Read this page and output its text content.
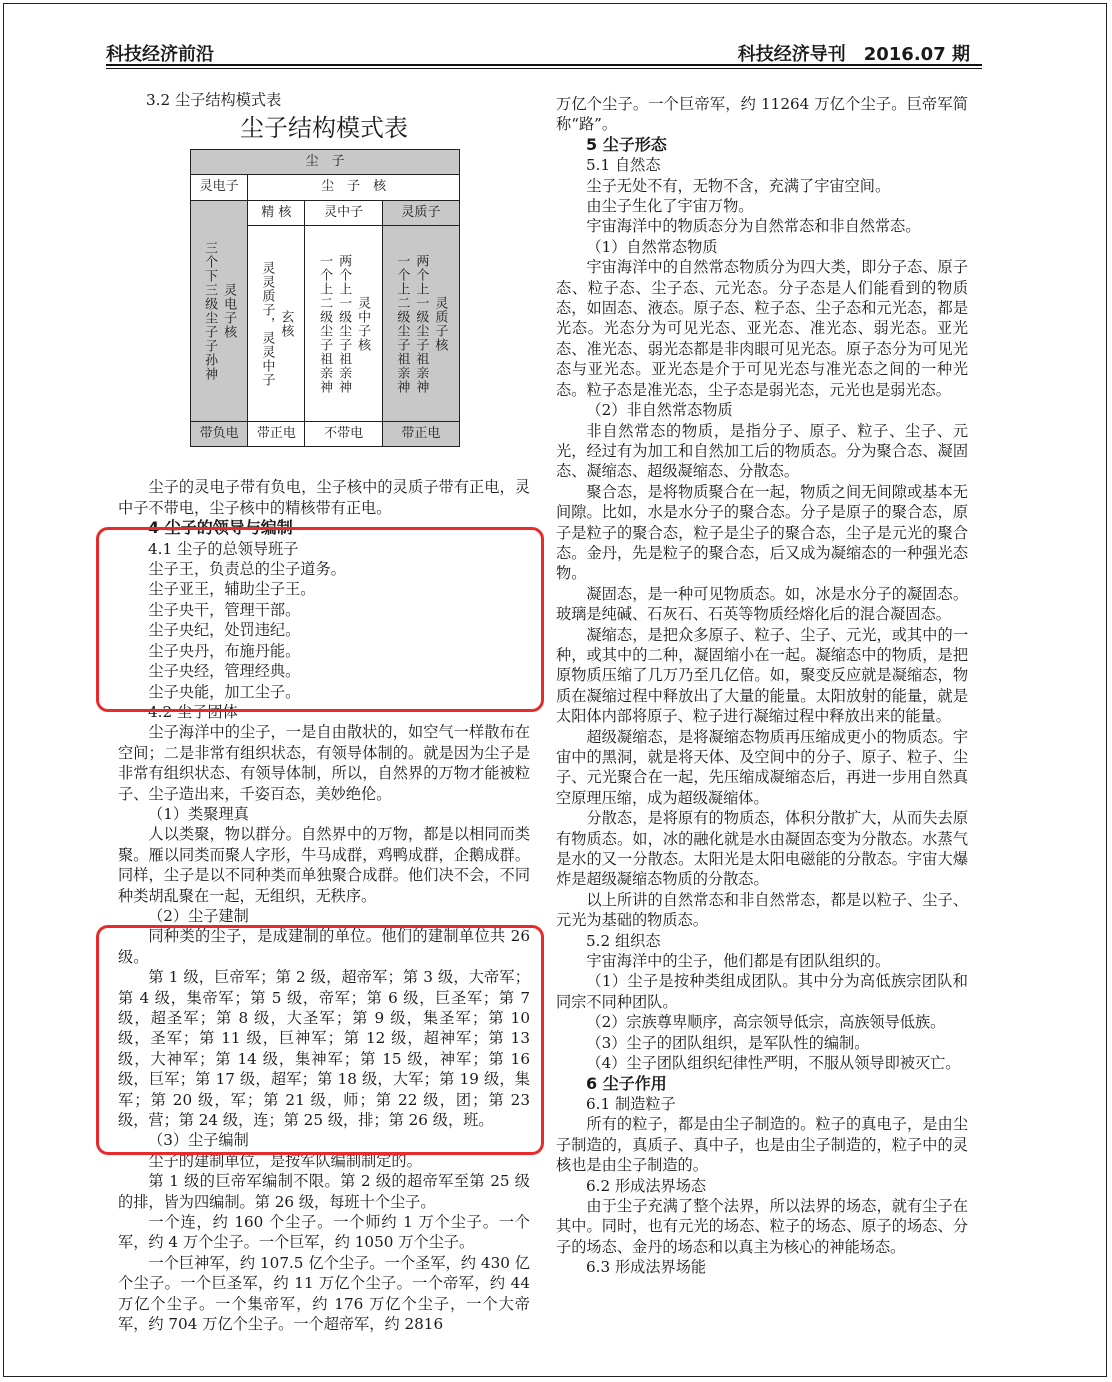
科技经济前沿	科技经济导刊　2016.07 期

3.2 尘子结构模式表

尘子结构模式表
尘　子			
灵电子	尘　子　核		

三个下三级尘子子孙神 灵电子核	精 核	灵中子	灵质子

	灵灵质子，灵灵中子 玄核	一个上二级尘子祖亲神 两个上一级尘子祖亲神 灵中子核	一个上二级尘子祖亲神 两个上一级尘子祖亲神 灵质子核

带负电	带正电	不带电	带正电

尘子的灵电子带有负电，尘子核中的灵质子带有正电，灵中子不带电，尘子核中的精核带有正电。

4 尘子的领导与编制

4.1 尘子的总领导班子

尘子王，负责总的尘子道务。

尘子亚王，辅助尘子王。

尘子央干，管理干部。

尘子央纪，处罚违纪。

尘子央丹，布施丹能。

尘子央经，管理经典。

尘子央能，加工尘子。

4.2 尘子团体

尘子海洋中的尘子，一是自由散状的，如空气一样散布在空间；二是非常有组织状态，有领导体制的。就是因为尘子是非常有组织状态、有领导体制，所以，自然界的万物才能被粒子、尘子造出来，千姿百态，美妙绝伦。

（1）类聚理真

人以类聚，物以群分。自然界中的万物，都是以相同而类聚。雁以同类而聚人字形，牛马成群，鸡鸭成群，企鹅成群。同样，尘子是以不同种类而单独聚合成群。他们决不会，不同种类胡乱聚在一起，无组织，无秩序。

（2）尘子建制

同种类的尘子，是成建制的单位。他们的建制单位共 26 级。

第 1 级，巨帝军；第 2 级，超帝军；第 3 级，大帝军；第 4 级，集帝军；第 5 级，帝军；第 6 级，巨圣军；第 7 级，超圣军；第 8 级，大圣军；第 9 级，集圣军；第 10 级，圣军；第 11 级，巨神军；第 12 级，超神军；第 13 级，大神军；第 14 级，集神军；第 15 级，神军；第 16 级，巨军；第 17 级，超军；第 18 级，大军；第 19 级，集军；第 20 级，军；第 21 级，师；第 22 级，团；第 23 级，营；第 24 级，连；第 25 级，排；第 26 级，班。

（3）尘子编制

尘子的建制单位，是按军队编制制定的。

第 1 级的巨帝军编制不限。第 2 级的超帝军至第 25 级的排，皆为四编制。第 26 级，每班十个尘子。

一个连，约 160 个尘子。一个师约 1 万个尘子。一个军，约 4 万个尘子。一个巨军，约 1050 万个尘子。

一个巨神军，约 107.5 亿个尘子。一个圣军，约 430 亿个尘子。一个巨圣军，约 11 万亿个尘子。一个帝军，约 44 万亿个尘子。一个集帝军，约 176 万亿个尘子，一个大帝军，约 704 万亿个尘子。一个超帝军，约 2816

万亿个尘子。一个巨帝军，约 11264 万亿个尘子。巨帝军简称“路”。

5 尘子形态

5.1 自然态

尘子无处不有，无物不含，充满了宇宙空间。

由尘子生化了宇宙万物。

宇宙海洋中的物质态分为自然常态和非自然常态。

（1）自然常态物质

宇宙海洋中的自然常态物质分为四大类，即分子态、原子态、粒子态、尘子态、元光态。分子态是人们能看到的物质态，如固态、液态。原子态、粒子态、尘子态和元光态，都是光态。光态分为可见光态、亚光态、准光态、弱光态。亚光态、准光态、弱光态都是非肉眼可见光态。原子态分为可见光态与亚光态。亚光态是介于可见光态与准光态之间的一种光态。粒子态是准光态，尘子态是弱光态，元光也是弱光态。

（2）非自然常态物质

非自然常态的物质，是指分子、原子、粒子、尘子、元光，经过有为加工和自然加工后的物质态。分为聚合态、凝固态、凝缩态、超级凝缩态、分散态。

聚合态，是将物质聚合在一起，物质之间无间隙或基本无间隙。比如，水是水分子的聚合态。分子是原子的聚合态，原子是粒子的聚合态，粒子是尘子的聚合态，尘子是元光的聚合态。金丹，先是粒子的聚合态，后又成为凝缩态的一种强光态物。

凝固态，是一种可见物质态。如，冰是水分子的凝固态。玻璃是纯碱、石灰石、石英等物质经熔化后的混合凝固态。

凝缩态，是把众多原子、粒子、尘子、元光，或其中的一种，或其中的二种，凝固缩小在一起。凝缩态中的物质，是把原物质压缩了几万乃至几亿倍。如，聚变反应就是凝缩态，物质在凝缩过程中释放出了大量的能量。太阳放射的能量，就是太阳体内部将原子、粒子进行凝缩过程中释放出来的能量。

超级凝缩态，是将凝缩态物质再压缩成更小的物质态。宇宙中的黑洞，就是将天体、及空间中的分子、原子、粒子、尘子、元光聚合在一起，先压缩成凝缩态后，再进一步用自然真空原理压缩，成为超级凝缩体。

分散态，是将原有的物质态，体积分散扩大，从而失去原有物质态。如，冰的融化就是水由凝固态变为分散态。水蒸气是水的又一分散态。太阳光是太阳电磁能的分散态。宇宙大爆炸是超级凝缩态物质的分散态。

以上所讲的自然常态和非自然常态，都是以粒子、尘子、元光为基础的物质态。

5.2 组织态

宇宙海洋中的尘子，他们都是有团队组织的。

（1）尘子是按种类组成团队。其中分为高低族宗团队和同宗不同种团队。

（2）宗族尊卑顺序，高宗领导低宗，高族领导低族。

（3）尘子的团队组织，是军队性的编制。

（4）尘子团队组织纪律性严明，不服从领导即被灭亡。

6 尘子作用

6.1 制造粒子

所有的粒子，都是由尘子制造的。粒子的真电子，是由尘子制造的，真质子、真中子，也是由尘子制造的，粒子中的灵核也是由尘子制造的。

6.2 形成法界场态

由于尘子充满了整个法界，所以法界的场态，就有尘子在其中。同时，也有元光的场态、粒子的场态、原子的场态、分子的场态、金丹的场态和以真主为核心的神能场态。

6.3 形成法界场能
